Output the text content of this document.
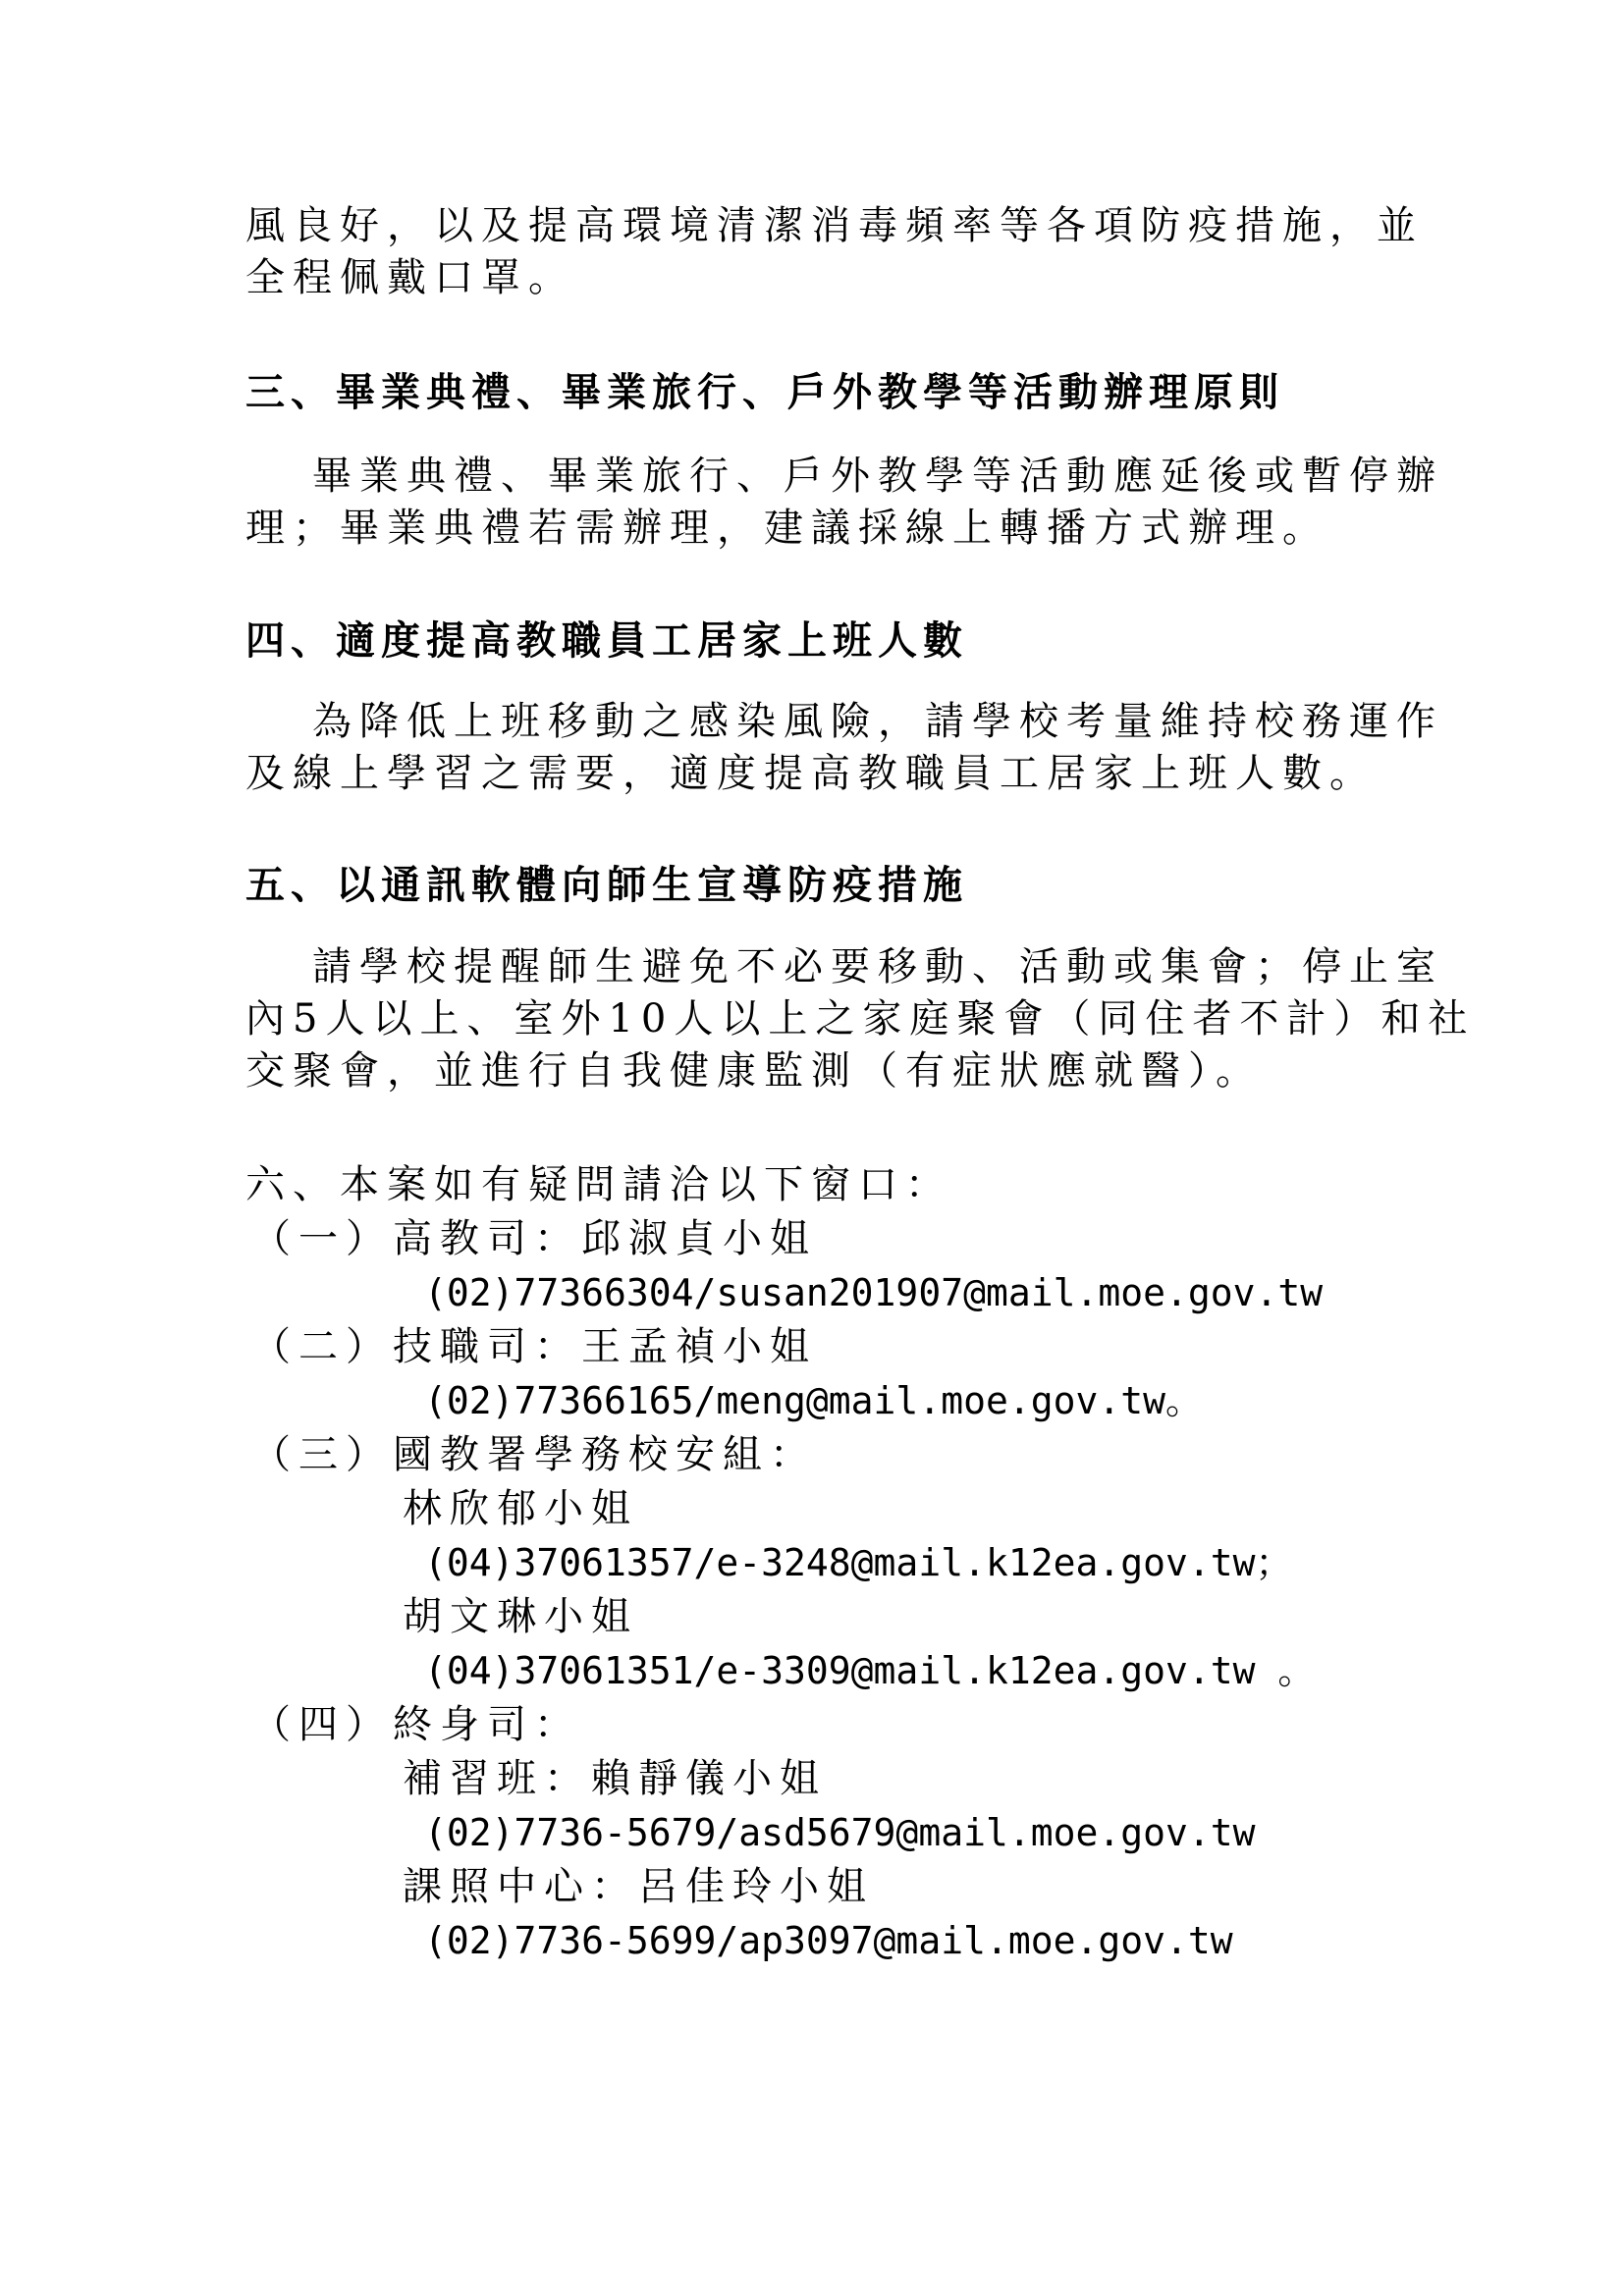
風良好，以及提高環境清潔消毒頻率等各項防疫措施，並
全程佩戴口罩。
三、畢業典禮、畢業旅行、戶外教學等活動辦理原則
畢業典禮、畢業旅行、戶外教學等活動應延後或暫停辦
理；畢業典禮若需辦理，建議採線上轉播方式辦理。
四、適度提高教職員工居家上班人數
為降低上班移動之感染風險，請學校考量維持校務運作
及線上學習之需要，適度提高教職員工居家上班人數。
五、以通訊軟體向師生宣導防疫措施
請學校提醒師生避免不必要移動、活動或集會；停止室
內5人以上、室外10人以上之家庭聚會（同住者不計）和社
交聚會，並進行自我健康監測（有症狀應就醫）。
六、本案如有疑問請洽以下窗口：
（一）高教司：邱淑貞小姐
(02)77366304/susan201907@mail.moe.gov.tw
（二）技職司：王孟禎小姐
(02)77366165/meng@mail.moe.gov.tw。
（三）國教署學務校安組：
林欣郁小姐
(04)37061357/e-3248@mail.k12ea.gov.tw；
胡文琳小姐
(04)37061351/e-3309@mail.k12ea.gov.tw 。
（四）終身司：
補習班：賴靜儀小姐
(02)7736-5679/asd5679@mail.moe.gov.tw
課照中心：呂佳玲小姐
(02)7736-5699/ap3097@mail.moe.gov.tw
